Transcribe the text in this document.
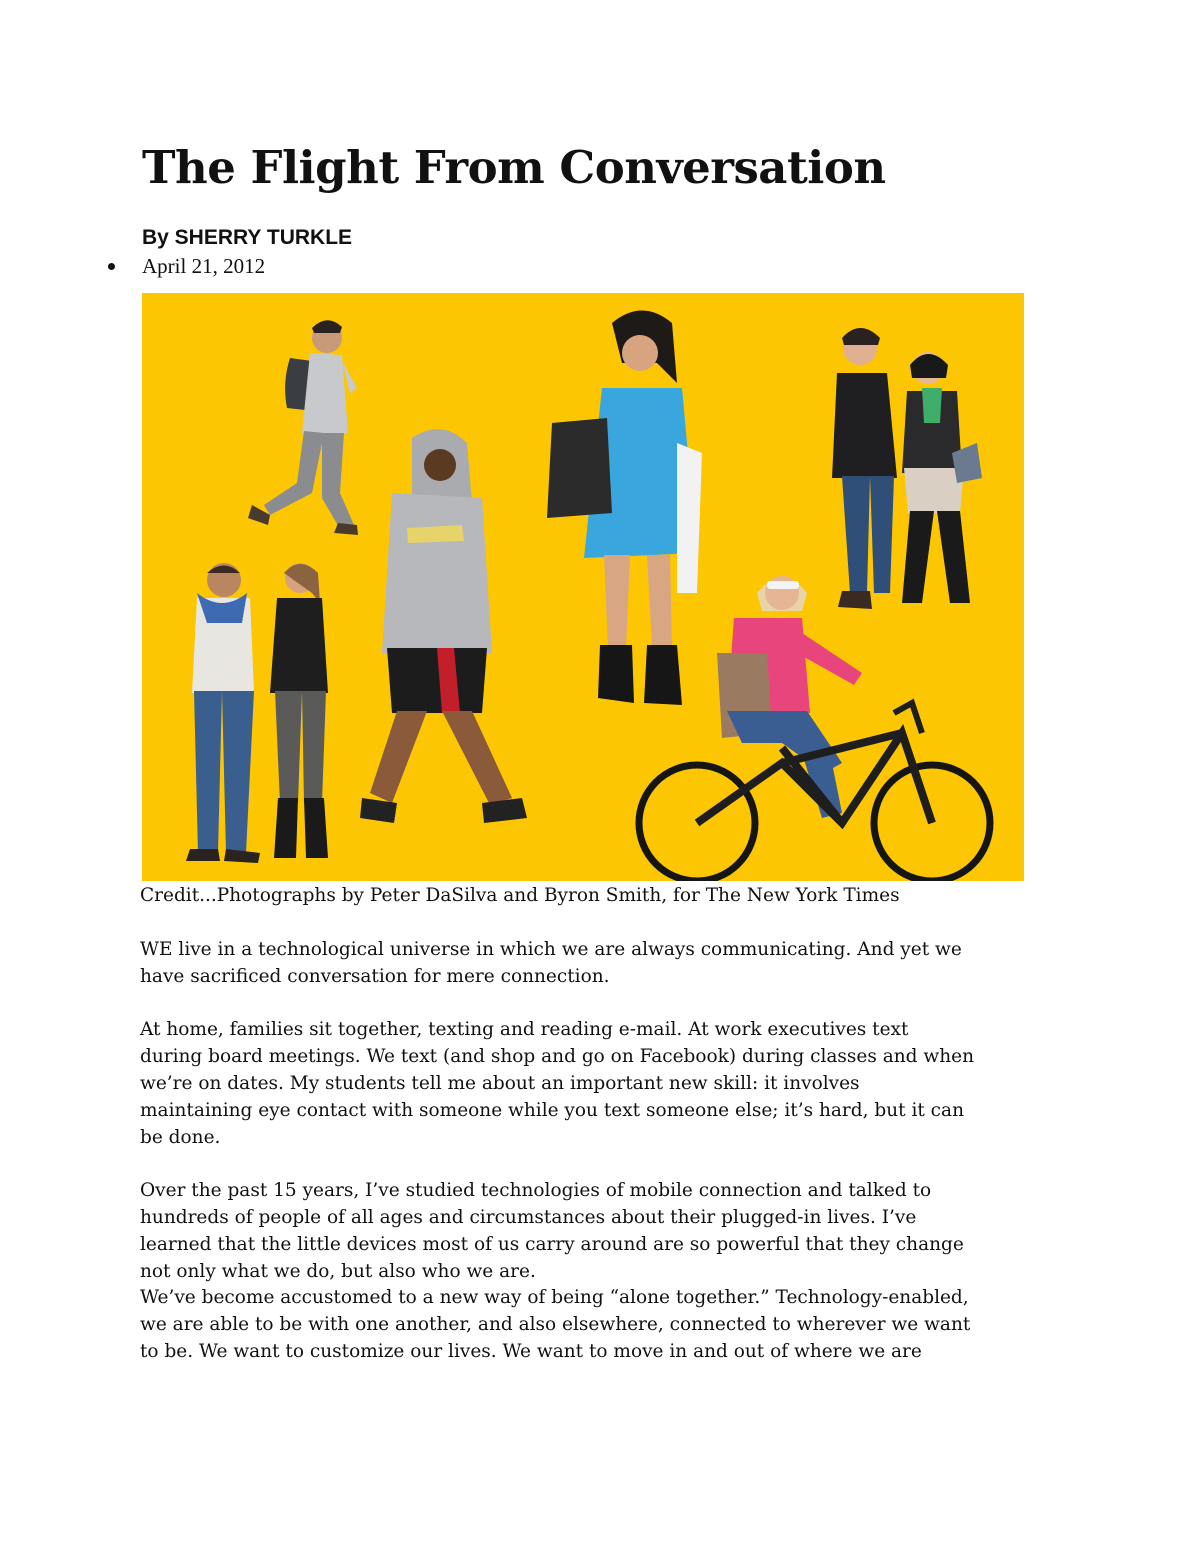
The Flight From Conversation
By SHERRY TURKLE
April 21, 2012
Credit...Photographs by Peter DaSilva and Byron Smith, for The New York Times

WE live in a technological universe in which we are always communicating. And yet we
have sacrificed conversation for mere connection.

At home, families sit together, texting and reading e-mail. At work executives text
during board meetings. We text (and shop and go on Facebook) during classes and when
we’re on dates. My students tell me about an important new skill: it involves
maintaining eye contact with someone while you text someone else; it’s hard, but it can
be done.

Over the past 15 years, I’ve studied technologies of mobile connection and talked to
hundreds of people of all ages and circumstances about their plugged-in lives. I’ve
learned that the little devices most of us carry around are so powerful that they change
not only what we do, but also who we are.

We’ve become accustomed to a new way of being “alone together.” Technology-enabled,
we are able to be with one another, and also elsewhere, connected to wherever we want
to be. We want to customize our lives. We want to move in and out of where we are
